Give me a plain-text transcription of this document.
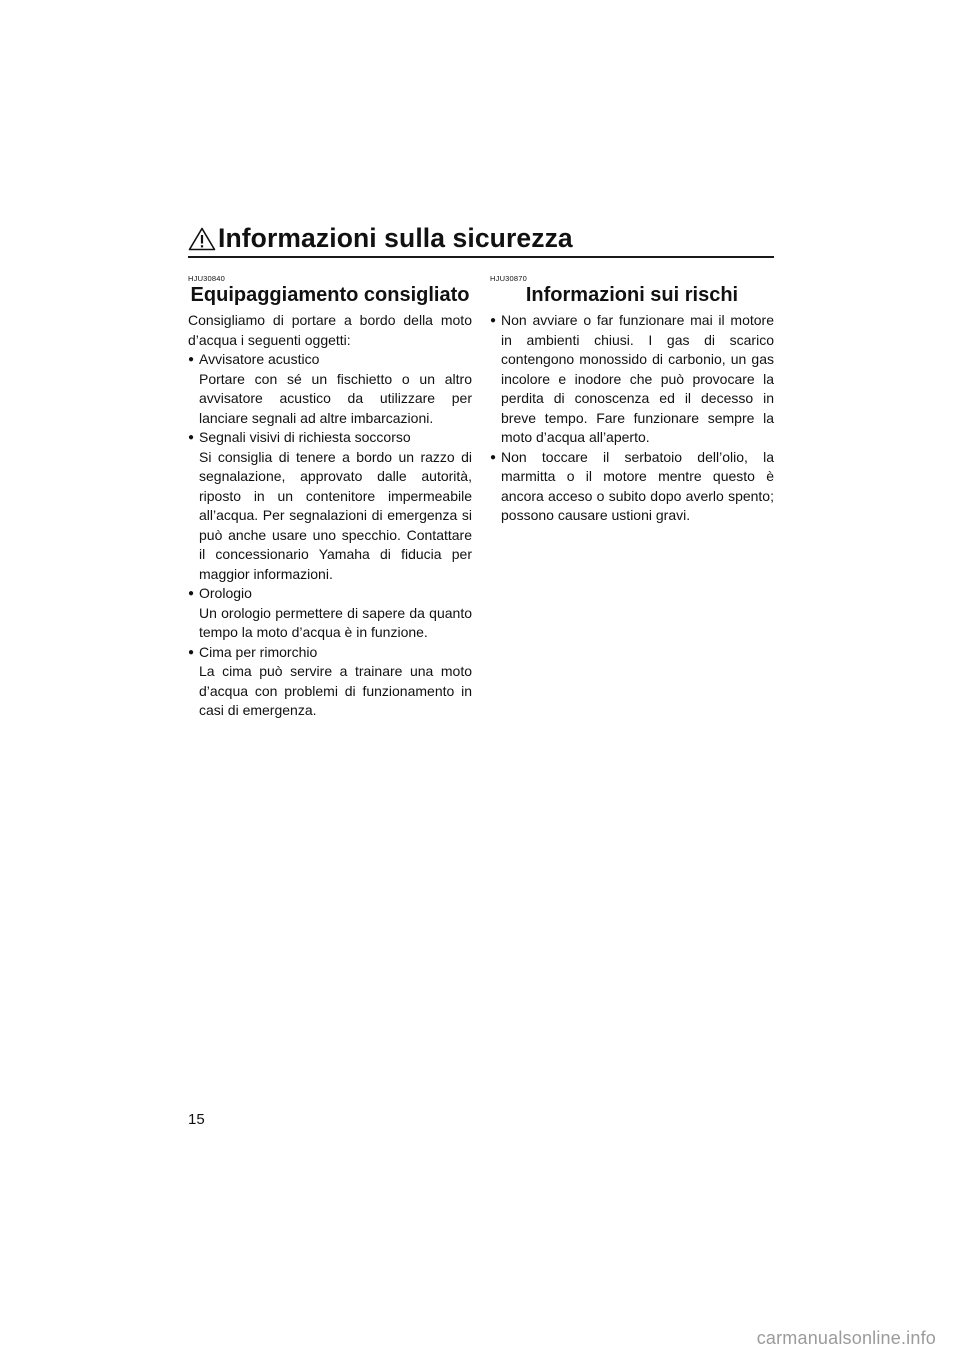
Informazioni sulla sicurezza
HJU30840
Equipaggiamento consigliato

Consigliamo di portare a bordo della moto d’acqua i seguenti oggetti:

● Avvisatore acustico
Portare con sé un fischietto o un altro avvisatore acustico da utilizzare per lanciare segnali ad altre imbarcazioni.
● Segnali visivi di richiesta soccorso
Si consiglia di tenere a bordo un razzo di segnalazione, approvato dalle autorità, riposto in un contenitore impermeabile all’acqua. Per segnalazioni di emergenza si può anche usare uno specchio. Contattare il concessionario Yamaha di fiducia per maggior informazioni.
● Orologio
Un orologio permettere di sapere da quanto tempo la moto d’acqua è in funzione.
● Cima per rimorchio
La cima può servire a trainare una moto d’acqua con problemi di funzionamento in casi di emergenza.
HJU30870
Informazioni sui rischi
● Non avviare o far funzionare mai il motore in ambienti chiusi. I gas di scarico contengono monossido di carbonio, un gas incolore e inodore che può provocare la perdita di conoscenza ed il decesso in breve tempo. Fare funzionare sempre la moto d’acqua all’aperto.
● Non toccare il serbatoio dell’olio, la marmitta o il motore mentre questo è ancora acceso o subito dopo averlo spento; possono causare ustioni gravi.
15
carmanualsonline.info
